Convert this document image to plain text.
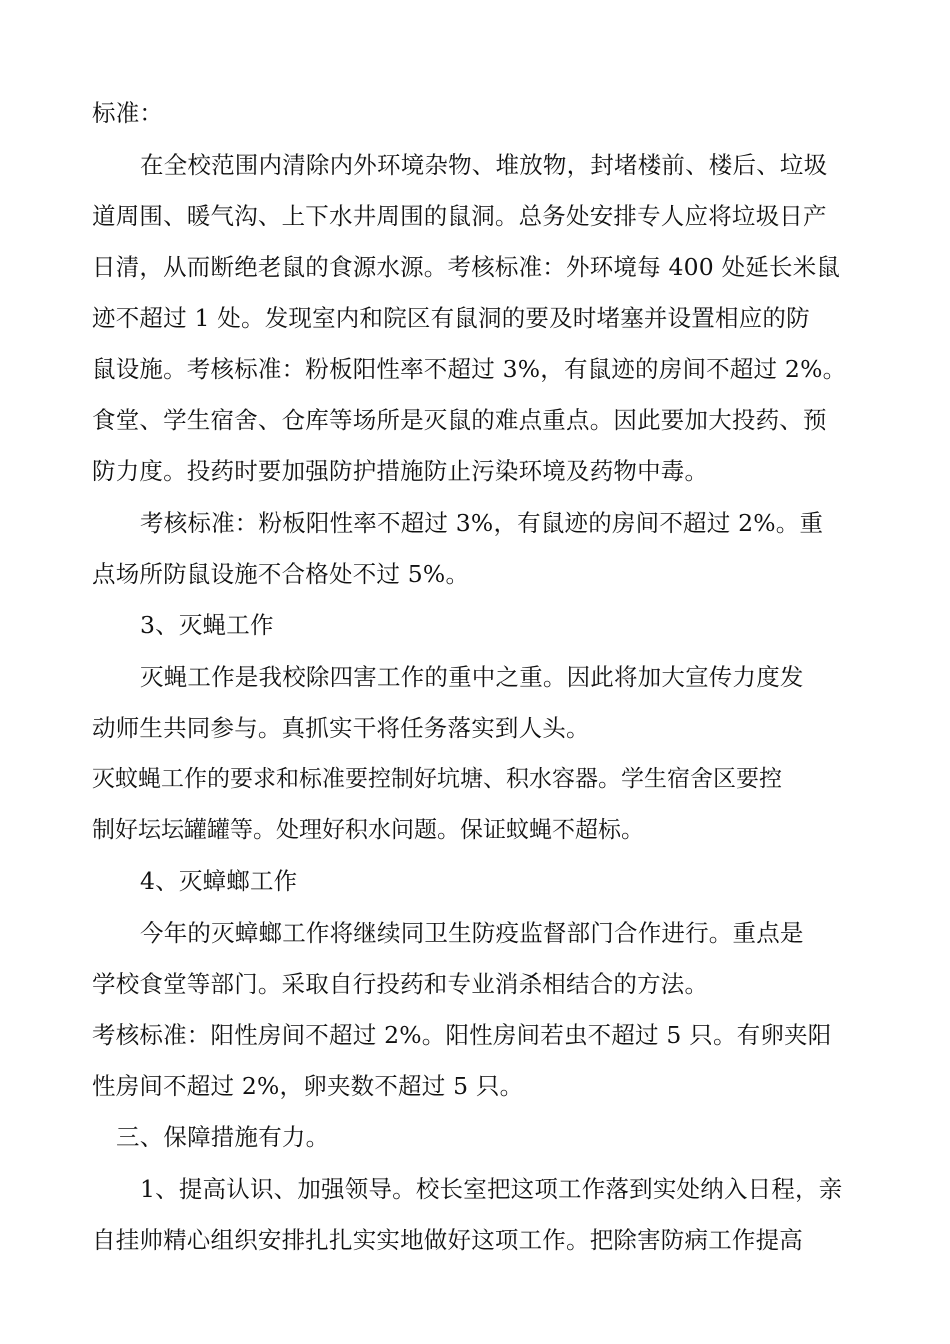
标准：
在全校范围内清除内外环境杂物、堆放物，封堵楼前、楼后、垃圾
道周围、暖气沟、上下水井周围的鼠洞。总务处安排专人应将垃圾日产
日清，从而断绝老鼠的食源水源。考核标准：外环境每 400 处延长米鼠
迹不超过 1 处。发现室内和院区有鼠洞的要及时堵塞并设置相应的防
鼠设施。考核标准：粉板阳性率不超过 3%，有鼠迹的房间不超过 2%。
食堂、学生宿舍、仓库等场所是灭鼠的难点重点。因此要加大投药、预
防力度。投药时要加强防护措施防止污染环境及药物中毒。
考核标准：粉板阳性率不超过 3%，有鼠迹的房间不超过 2%。重
点场所防鼠设施不合格处不过 5%。
3、灭蝇工作
灭蝇工作是我校除四害工作的重中之重。因此将加大宣传力度发
动师生共同参与。真抓实干将任务落实到人头。
灭蚊蝇工作的要求和标准要控制好坑塘、积水容器。学生宿舍区要控
制好坛坛罐罐等。处理好积水问题。保证蚊蝇不超标。
4、灭蟑螂工作
今年的灭蟑螂工作将继续同卫生防疫监督部门合作进行。重点是
学校食堂等部门。采取自行投药和专业消杀相结合的方法。
考核标准：阳性房间不超过 2%。阳性房间若虫不超过 5 只。有卵夹阳
性房间不超过 2%，卵夹数不超过 5 只。
三、保障措施有力。
1、提高认识、加强领导。校长室把这项工作落到实处纳入日程，亲
自挂帅精心组织安排扎扎实实地做好这项工作。把除害防病工作提高
